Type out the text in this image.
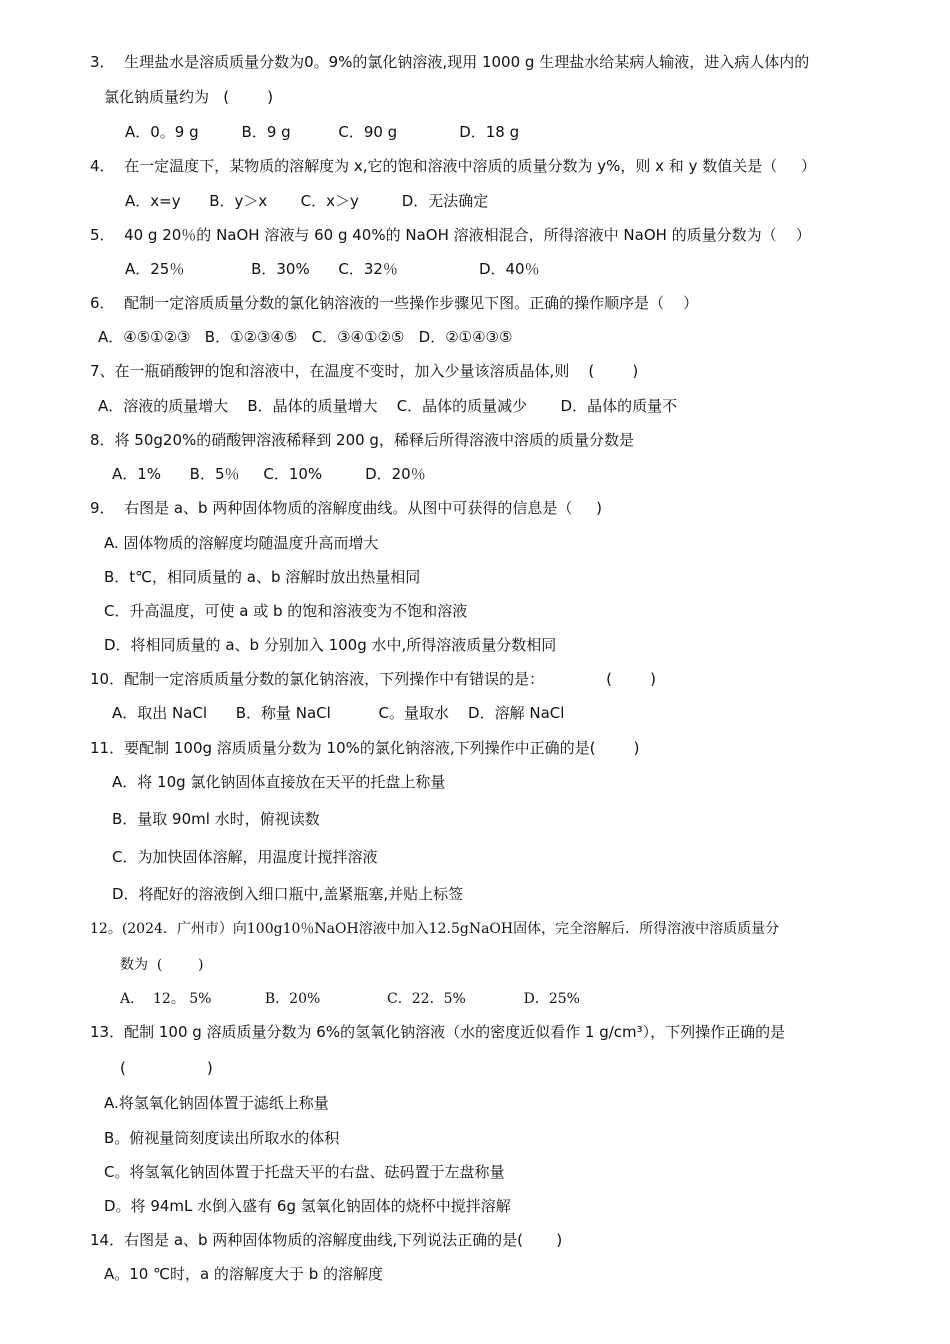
3．  生理盐水是溶质质量分数为0。9%的氯化钠溶液,现用 1000 g 生理盐水给某病人输液，进入病人体内的
氯化钠质量约为   (        )
A．0。9 g         B．9 g          C．90 g             D．18 g
4．  在一定温度下，某物质的溶解度为 x,它的饱和溶液中溶质的质量分数为 y%，则 x 和 y 数值关是（     ）
A．x=y      B．y＞x       C．x＞y         D．无法确定
5．  40 g 20％的 NaOH 溶液与 60 g 40%的 NaOH 溶液相混合，所得溶液中 NaOH 的质量分数为（    ）
A．25％              B．30%      C．32％                 D．40％
6．  配制一定溶质质量分数的氯化钠溶液的一些操作步骤见下图。正确的操作顺序是（    ）
A．④⑤①②③   B．①②③④⑤   C．③④①②⑤   D．②①④③⑤
7、在一瓶硝酸钾的饱和溶液中，在温度不变时，加入少量该溶质晶体,则    (        )
A．溶液的质量增大    B．晶体的质量增大    C．晶体的质量减少       D．晶体的质量不
8．将 50g20%的硝酸钾溶液稀释到 200 g，稀释后所得溶液中溶质的质量分数是
A．1%      B．5％     C．10%         D．20％
9．  右图是 a、b 两种固体物质的溶解度曲线。从图中可获得的信息是（     )
A. 固体物质的溶解度均随温度升高而增大
B．t℃，相同质量的 a、b 溶解时放出热量相同
C．升高温度，可使 a 或 b 的饱和溶液变为不饱和溶液
D．将相同质量的 a、b 分别加入 100g 水中,所得溶液质量分数相同
10．配制一定溶质质量分数的氯化钠溶液，下列操作中有错误的是：             (        )
A．取出 NaCl      B．称量 NaCl          C。量取水    D．溶解 NaCl
11．要配制 100g 溶质质量分数为 10%的氯化钠溶液,下列操作中正确的是(        )
A．将 10g 氯化钠固体直接放在天平的托盘上称量
B．量取 90ml 水时，俯视读数
C．为加快固体溶解，用温度计搅拌溶液
D．将配好的溶液倒入细口瓶中,盖紧瓶塞,并贴上标签
12。(2024．广州市）向100g10％NaOH溶液中加入12.5gNaOH固体，完全溶解后．所得溶液中溶质质量分
数为  (        )
A．  12。 5%            B．20%               C．22．5%             D．25%
13．配制 100 g 溶质质量分数为 6%的氢氧化钠溶液（水的密度近似看作 1 g/cm³），下列操作正确的是
(                 )
A.将氢氧化钠固体置于滤纸上称量
B。俯视量筒刻度读出所取水的体积
C。将氢氧化钠固体置于托盘天平的右盘、砝码置于左盘称量
D。将 94mL 水倒入盛有 6g 氢氧化钠固体的烧杯中搅拌溶解
14．右图是 a、b 两种固体物质的溶解度曲线,下列说法正确的是(       )
A。10 ℃时，a 的溶解度大于 b 的溶解度
